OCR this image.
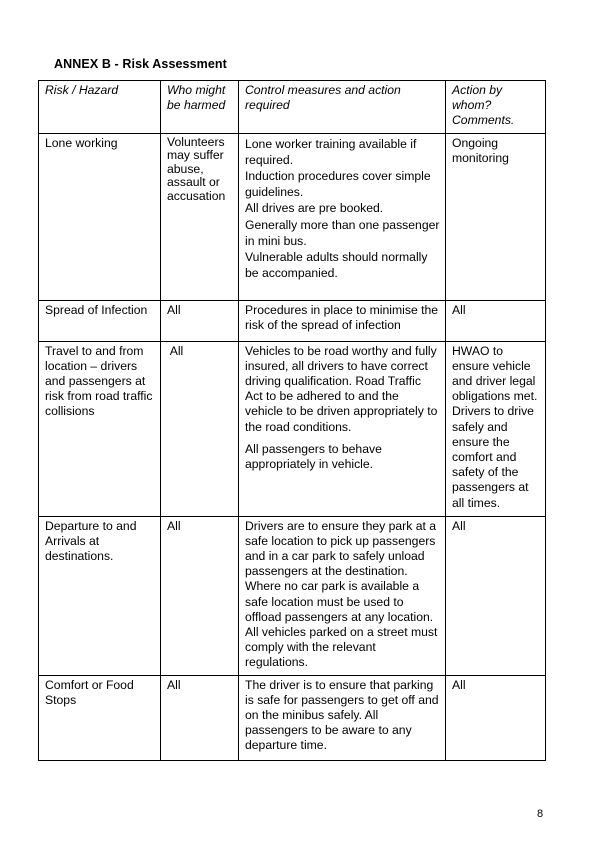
ANNEX B - Risk Assessment
Risk / Hazard	Who might be harmed	Control measures and action required	Action by whom? Comments.
Lone working	Volunteers may suffer abuse, assault or accusation	Lone worker training available if required.
Induction procedures cover simple guidelines.
All drives are pre booked.
Generally more than one passenger in mini bus.
Vulnerable adults should normally be accompanied.	Ongoing monitoring
Spread of Infection	All	Procedures in place to minimise the risk of the spread of infection	All
Travel to and from location – drivers and passengers at risk from road traffic collisions	All	Vehicles to be road worthy and fully insured, all drivers to have correct driving qualification. Road Traffic Act to be adhered to and the vehicle to be driven appropriately to the road conditions.
All passengers to behave appropriately in vehicle.	HWAO to ensure vehicle and driver legal obligations met. Drivers to drive safely and ensure the comfort and safety of the passengers at all times.
Departure to and Arrivals at destinations.	All	Drivers are to ensure they park at a safe location to pick up passengers and in a car park to safely unload passengers at the destination. Where no car park is available a safe location must be used to offload passengers at any location. All vehicles parked on a street must comply with the relevant regulations.	All
Comfort or Food Stops	All	The driver is to ensure that parking is safe for passengers to get off and on the minibus safely. All passengers to be aware to any departure time.	All
8
